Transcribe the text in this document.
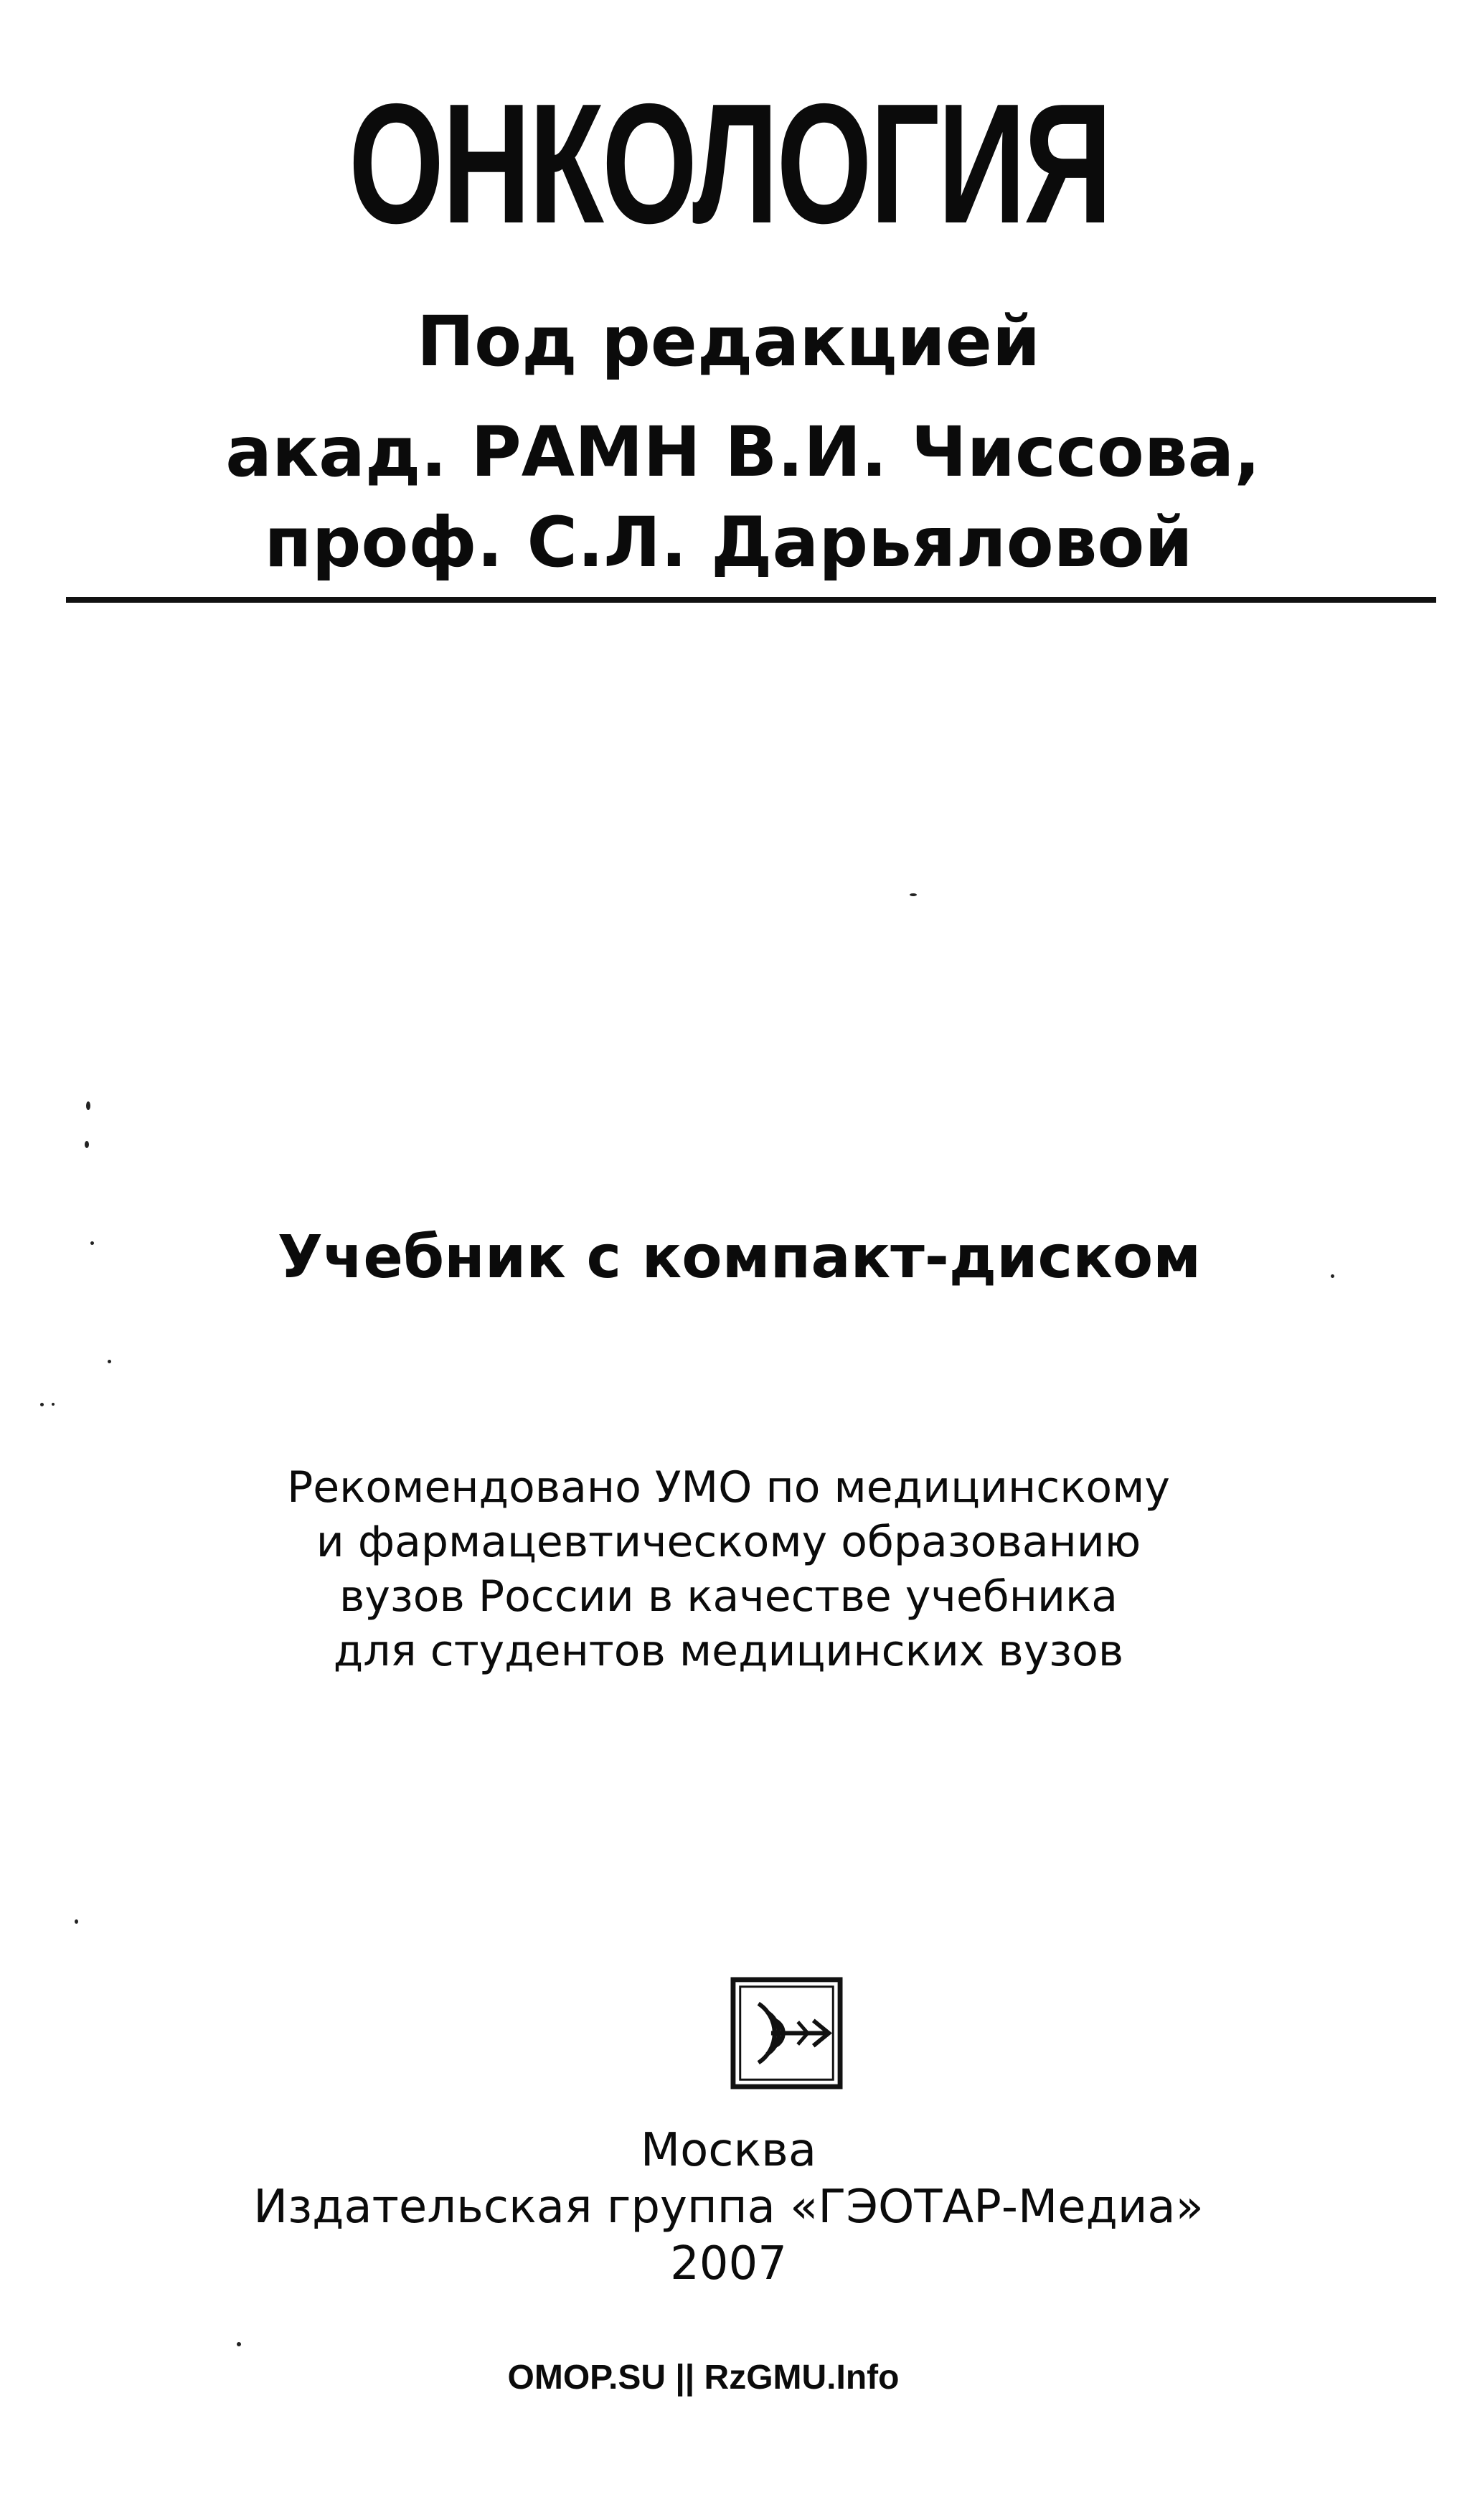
ОНКОЛОГИЯ
Под редакцией
акад. РАМН В.И. Чиссова,
проф. С.Л. Дарьяловой
Учебник с компакт-диском
Рекомендовано УМО по медицинскому
и фармацевтическому образованию
вузов России в качестве учебника
для студентов медицинских вузов
Москва
Издательская группа «ГЭОТАР-Медиа»
2007
OMOP.SU || RzGMU.Info
